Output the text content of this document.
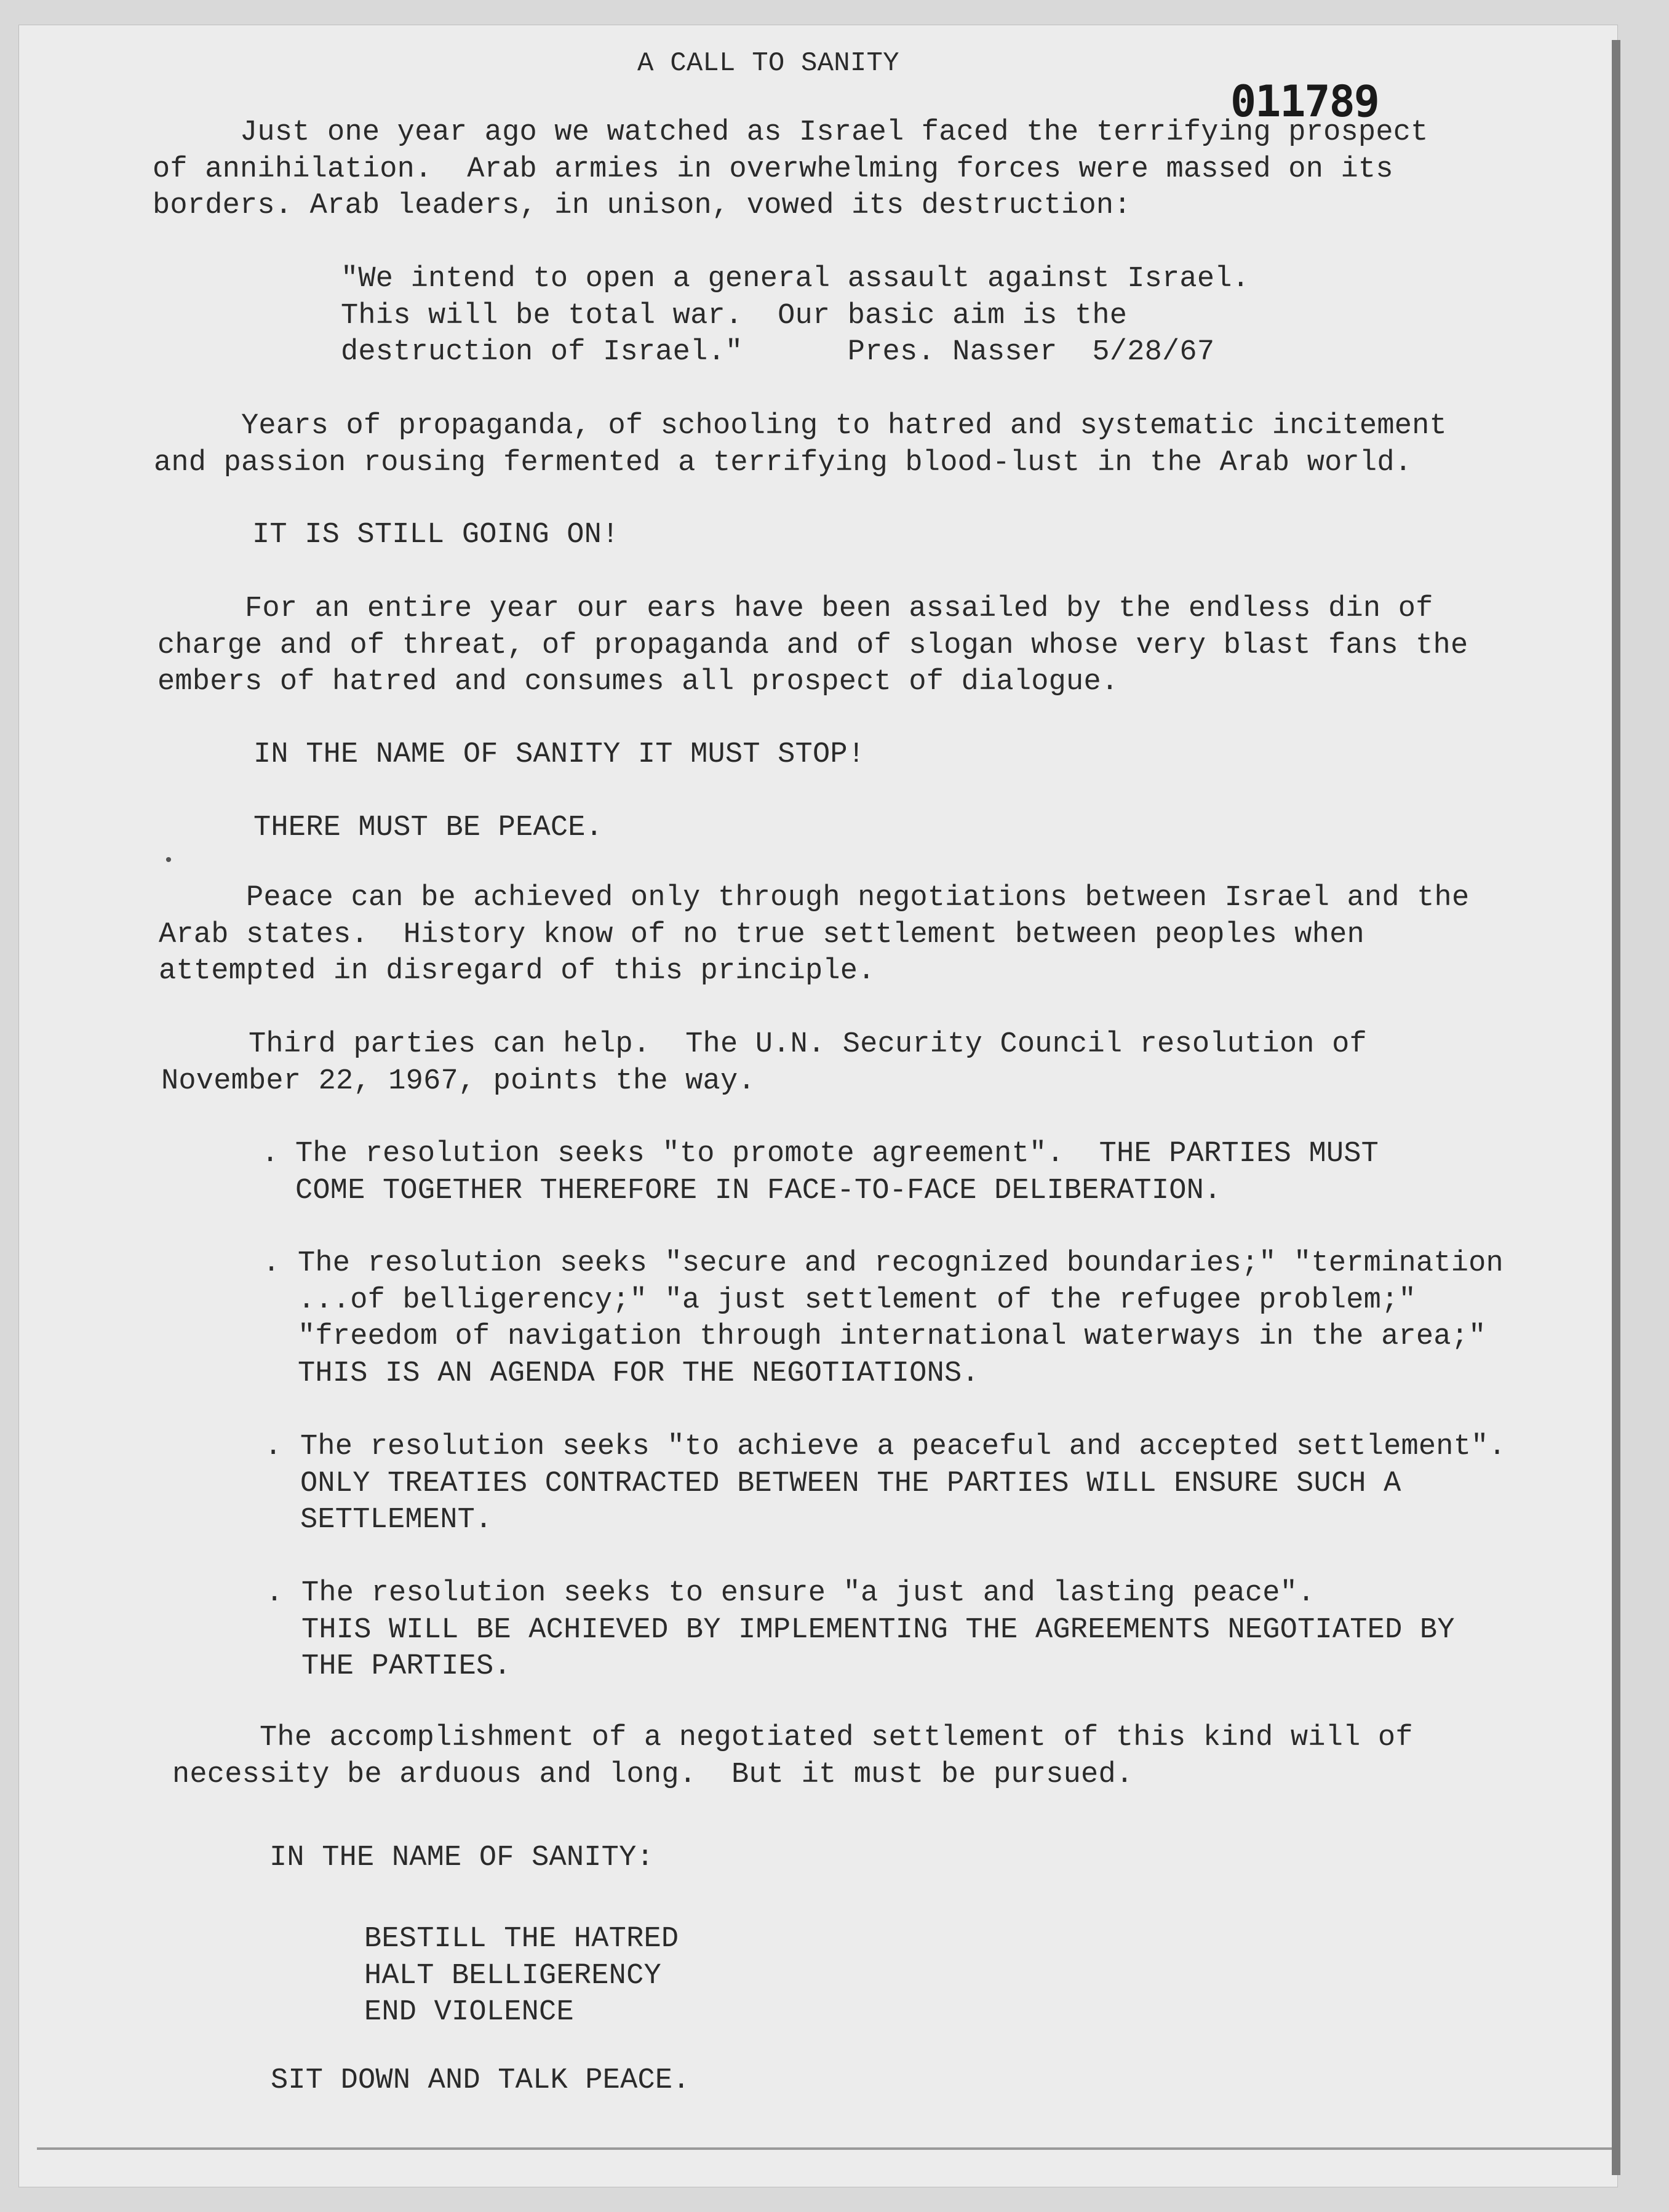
011789

A CALL TO SANITY

Just one year ago we watched as Israel faced the terrifying prospect
of annihilation.  Arab armies in overwhelming forces were massed on its
borders. Arab leaders, in unison, vowed its destruction:

"We intend to open a general assault against Israel.
This will be total war.  Our basic aim is the
destruction of Israel."      Pres. Nasser  5/28/67

Years of propaganda, of schooling to hatred and systematic incitement
and passion rousing fermented a terrifying blood-lust in the Arab world.

IT IS STILL GOING ON!

For an entire year our ears have been assailed by the endless din of
charge and of threat, of propaganda and of slogan whose very blast fans the
embers of hatred and consumes all prospect of dialogue.

IN THE NAME OF SANITY IT MUST STOP!

THERE MUST BE PEACE.

•

Peace can be achieved only through negotiations between Israel and the
Arab states.  History know of no true settlement between peoples when
attempted in disregard of this principle.

Third parties can help.  The U.N. Security Council resolution of
November 22, 1967, points the way.

. The resolution seeks "to promote agreement".  THE PARTIES MUST
COME TOGETHER THEREFORE IN FACE-TO-FACE DELIBERATION.

. The resolution seeks "secure and recognized boundaries;" "termination
...of belligerency;" "a just settlement of the refugee problem;"
"freedom of navigation through international waterways in the area;"
THIS IS AN AGENDA FOR THE NEGOTIATIONS.

. The resolution seeks "to achieve a peaceful and accepted settlement".
ONLY TREATIES CONTRACTED BETWEEN THE PARTIES WILL ENSURE SUCH A
SETTLEMENT.

. The resolution seeks to ensure "a just and lasting peace".
THIS WILL BE ACHIEVED BY IMPLEMENTING THE AGREEMENTS NEGOTIATED BY
THE PARTIES.

The accomplishment of a negotiated settlement of this kind will of
necessity be arduous and long.  But it must be pursued.

IN THE NAME OF SANITY:

BESTILL THE HATRED
HALT BELLIGERENCY
END VIOLENCE

SIT DOWN AND TALK PEACE.
